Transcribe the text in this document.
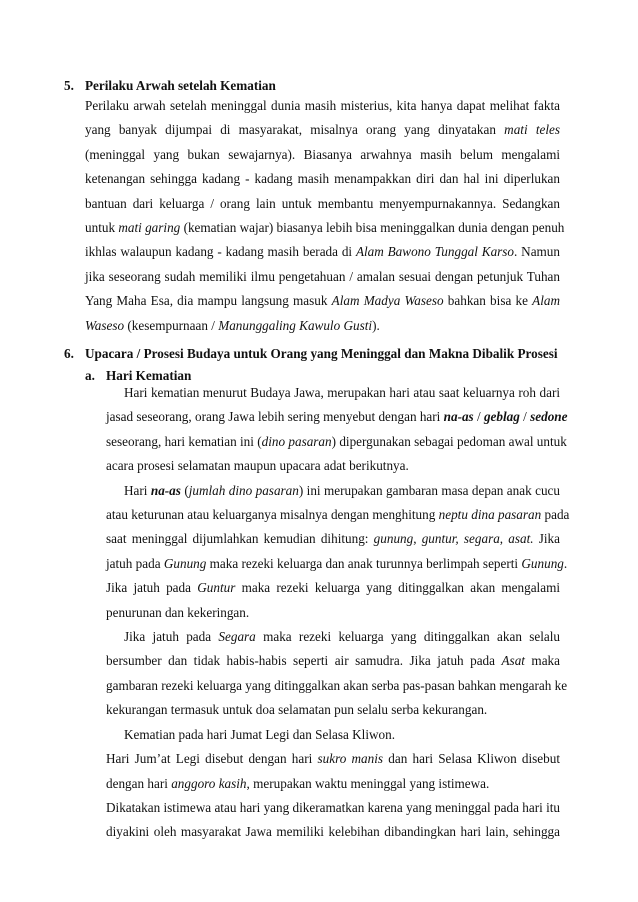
5. Perilaku Arwah setelah Kematian
Perilaku arwah setelah meninggal dunia masih misterius, kita hanya dapat melihat fakta
yang banyak dijumpai di masyarakat, misalnya orang yang dinyatakan mati teles
(meninggal yang bukan sewajarnya). Biasanya arwahnya masih belum mengalami
ketenangan sehingga kadang - kadang masih menampakkan diri dan hal ini diperlukan
bantuan dari keluarga / orang lain untuk membantu menyempurnakannya. Sedangkan
untuk mati garing (kematian wajar) biasanya lebih bisa meninggalkan dunia dengan penuh
ikhlas walaupun kadang - kadang masih berada di Alam Bawono Tunggal Karso. Namun
jika seseorang sudah memiliki ilmu pengetahuan / amalan sesuai dengan petunjuk Tuhan
Yang Maha Esa, dia mampu langsung masuk Alam Madya Waseso bahkan bisa ke Alam
Waseso (kesempurnaan / Manunggaling Kawulo Gusti).
6. Upacara / Prosesi Budaya untuk Orang yang Meninggal dan Makna Dibalik Prosesi
a. Hari Kematian
Hari kematian menurut Budaya Jawa, merupakan hari atau saat keluarnya roh dari
jasad seseorang, orang Jawa lebih sering menyebut dengan hari na-as / geblag / sedone
seseorang, hari kematian ini (dino pasaran) dipergunakan sebagai pedoman awal untuk
acara prosesi selamatan maupun upacara adat berikutnya.
Hari na-as (jumlah dino pasaran) ini merupakan gambaran masa depan anak cucu
atau keturunan atau keluarganya misalnya dengan menghitung neptu dina pasaran pada
saat meninggal dijumlahkan kemudian dihitung: gunung, guntur, segara, asat. Jika
jatuh pada Gunung maka rezeki keluarga dan anak turunnya berlimpah seperti Gunung.
Jika jatuh pada Guntur maka rezeki keluarga yang ditinggalkan akan mengalami
penurunan dan kekeringan.
Jika jatuh pada Segara maka rezeki keluarga yang ditinggalkan akan selalu
bersumber dan tidak habis-habis seperti air samudra. Jika jatuh pada Asat maka
gambaran rezeki keluarga yang ditinggalkan akan serba pas-pasan bahkan mengarah ke
kekurangan termasuk untuk doa selamatan pun selalu serba kekurangan.
Kematian pada hari Jumat Legi dan Selasa Kliwon.
Hari Jum’at Legi disebut dengan hari sukro manis dan hari Selasa Kliwon disebut
dengan hari anggoro kasih, merupakan waktu meninggal yang istimewa.
Dikatakan istimewa atau hari yang dikeramatkan karena yang meninggal pada hari itu
diyakini oleh masyarakat Jawa memiliki kelebihan dibandingkan hari lain, sehingga
